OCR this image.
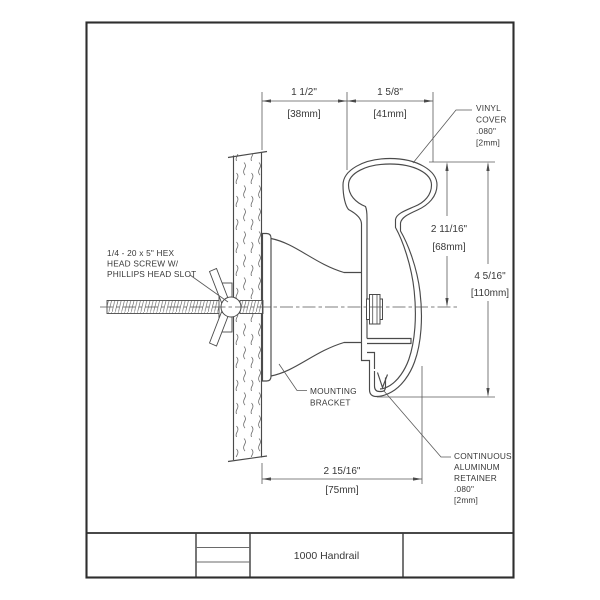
1 1/2"
[38mm]
1 5/8"
[41mm]
2 11/16"
[68mm]
4 5/16"
[110mm]
2 15/16"
[75mm]
VINYL
COVER
.080"
[2mm]
1/4 - 20 x 5" HEX
HEAD SCREW W/
PHILLIPS HEAD SLOT
MOUNTING
BRACKET
CONTINUOUS
ALUMINUM
RETAINER
.080"
[2mm]
1000 Handrail
